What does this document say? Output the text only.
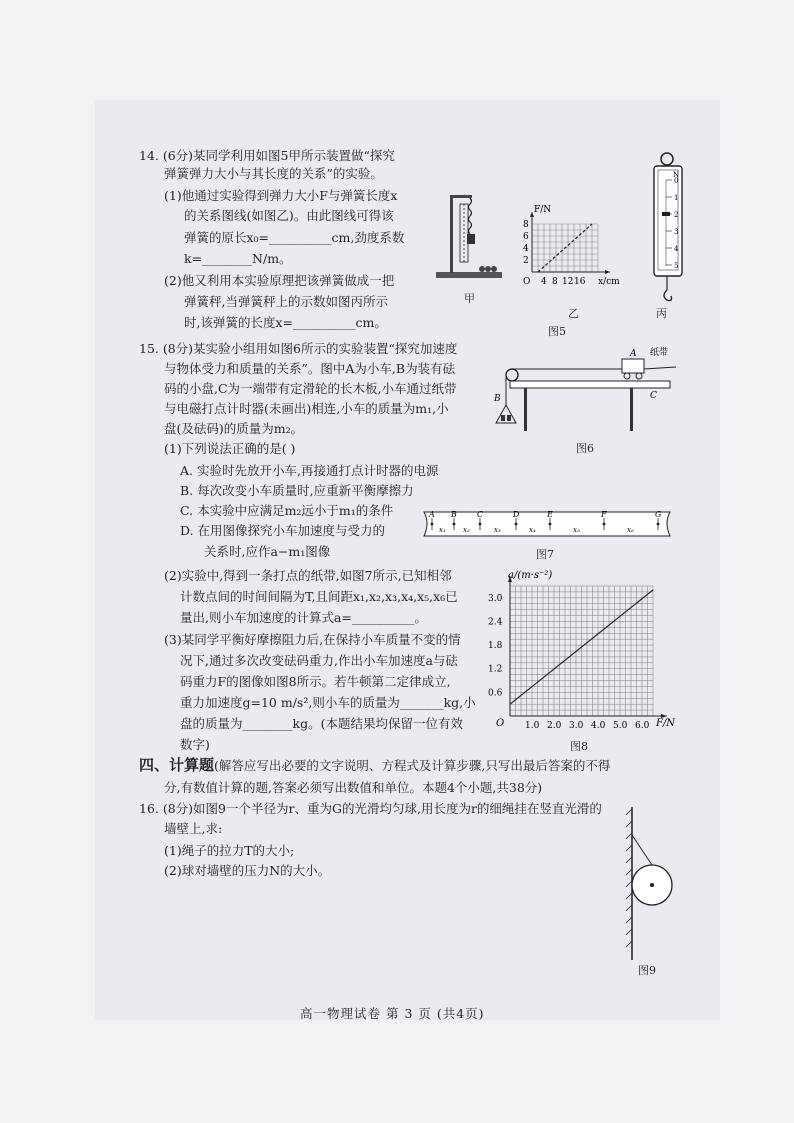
14. (6分)某同学利用如图5甲所示装置做“探究
弹簧弹力大小与其长度的关系”的实验。
(1)他通过实验得到弹力大小F与弹簧长度x
的关系图线(如图乙)。由此图线可得该
弹簧的原长x₀=__________cm,劲度系数
k=________N/m。
(2)他又利用本实验原理把该弹簧做成一把
弹簧秤,当弹簧秤上的示数如图丙所示
时,该弹簧的长度x=__________cm。
甲
F/N
x/cm
O 4 8 12 16
2
4
6
8
乙
图5
N
0
1
2
3
4
5
丙
15. (8分)某实验小组用如图6所示的实验装置“探究加速度
与物体受力和质量的关系”。图中A为小车,B为装有砝
码的小盘,C为一端带有定滑轮的长木板,小车通过纸带
与电磁打点计时器(未画出)相连,小车的质量为m₁,小
盘(及砝码)的质量为m₂。
(1)下列说法正确的是( )
A. 实验时先放开小车,再接通打点计时器的电源
B. 每次改变小车质量时,应重新平衡摩擦力
C. 本实验中应满足m₂远小于m₁的条件
D. 在用图像探究小车加速度与受力的
关系时,应作a−m₁图像
(2)实验中,得到一条打点的纸带,如图7所示,已知相邻
计数点间的时间间隔为T,且间距x₁,x₂,x₃,x₄,x₅,x₆已
量出,则小车加速度的计算式a=__________。
(3)某同学平衡好摩擦阻力后,在保持小车质量不变的情
况下,通过多次改变砝码重力,作出小车加速度a与砝
码重力F的图像如图8所示。若牛顿第二定律成立,
重力加速度g=10 m/s²,则小车的质量为_______kg,小
盘的质量为________kg。(本题结果均保留一位有效
数字)
A
B	C
纸带
图6
A B	C	D	E	F	G
x₁ x₂	x₃	x₄	x₅	x₆
图7
a/(m·s⁻²)
F/N
O 1.0 2.0 3.0 4.0 5.0 6.0
0.6
1.2
1.8
2.4
3.0
图8
四、计算题(解答应写出必要的文字说明、方程式及计算步骤,只写出最后答案的不得
分,有数值计算的题,答案必须写出数值和单位。本题4个小题,共38分)
16. (8分)如图9一个半径为r、重为G的光滑均匀球,用长度为r的细绳挂在竖直光滑的
墙壁上,求:
(1)绳子的拉力T的大小;
(2)球对墙壁的压力N的大小。
图9
高一物理试卷 第 3 页 (共4页)
